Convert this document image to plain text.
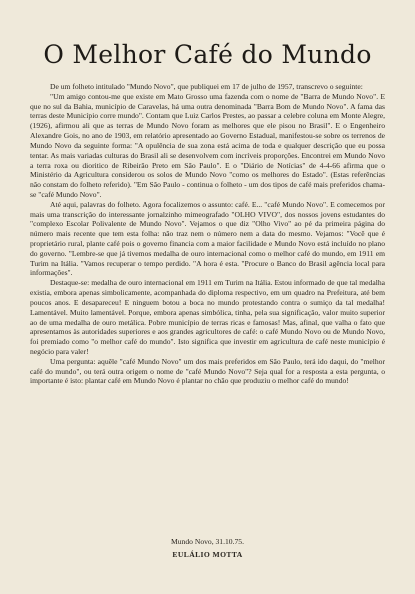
O Melhor Café do Mundo

De um folheto intitulado "Mundo Novo", que publiquei em 17 de julho de 1957, transcrevo o seguinte:

"Um amigo contou-me que existe em Mato Grosso uma fazenda com o nome de "Barra de Mundo Novo". E que no sul da Bahia, município de Caravelas, há uma outra denominada "Barra Bom de Mundo Novo". A fama das terras deste Município corre mundo". Contam que Luiz Carlos Prestes, ao passar a celebre coluna em Monte Alegre, (1926), afirmou ali que as terras de Mundo Novo foram as melhores que ele pisou no Brasil". E o Engenheiro Alexandre Gois, no ano de 1903, em relatório apresentado ao Governo Estadual, manifestou-se sobre os terrenos de Mundo Novo da seguinte forma: "A opulência de sua zona está acima de toda e qualquer descrição que eu possa tentar. As mais variadas culturas do Brasil ali se desenvolvem com incríveis proporções. Encontrei em Mundo Novo a terra roxa ou dioritico de Ribeirão Preto em São Paulo". E o "Diário de Notícias" de 4-4-66 afirma que o Ministério da Agricultura considerou os solos de Mundo Novo "como os melhores do Estado". (Estas referências não constam do folheto referido). "Em São Paulo - continua o folheto - um dos tipos de café mais preferidos chama-se "café Mundo Novo".

Até aqui, palavras do folheto. Agora focalizemos o assunto: café. E... "café Mundo Novo". E comecemos por mais uma transcrição do interessante jornalzinho mimeografado "OLHO VIVO", dos nossos jovens estudantes do "complexo Escolar Polivalente de Mundo Novo". Vejamos o que diz "Olho Vivo" ao pé da primeira página do número mais recente que tem esta folha: não traz nem o número nem a data do mesmo. Vejamos: "Você que é proprietário rural, plante café pois o governo financia com a maior facilidade e Mundo Novo está incluído no plano do governo. "Lembre-se que já tivemos medalha de ouro internacional como o melhor café do mundo, em 1911 em Turim na Itália. "Vamos recuperar o tempo perdido. "A hora é esta. "Procure o Banco do Brasil agência local para informações".

Destaque-se: medalha de ouro internacional em 1911 em Turim na Itália. Estou informado de que tal medalha existia, embora apenas simbolicamente, acompanhada do diploma respectivo, em um quadro na Prefeitura, até bem poucos anos. E desapareceu! E ninguem botou a boca no mundo protestando contra o sumiço da tal medalha! Lamentável. Muito lamentável. Porque, embora apenas simbólica, tinha, pela sua significação, valor muito superior ao de uma medalha de ouro metálica. Pobre município de terras ricas e famosas! Mas, afinal, que valha o fato que apresentamos às autoridades superiores e aos grandes agricultores de café: o café Mundo Novo ou de Mundo Novo, foi premiado como "o melhor café do mundo". Isto significa que investir em agricultura de café neste município é negócio para valer!

Uma pergunta: aquêle "café Mundo Novo" um dos mais preferidos em São Paulo, terá ido daqui, do "melhor café do mundo", ou terá outra origem o nome de "café Mundo Novo"? Seja qual for a resposta a esta pergunta, o importante é isto: plantar café em Mundo Novo é plantar no chão que produziu o melhor café do mundo!

Mundo Novo, 31.10.75.
EULÁLIO MOTTA
